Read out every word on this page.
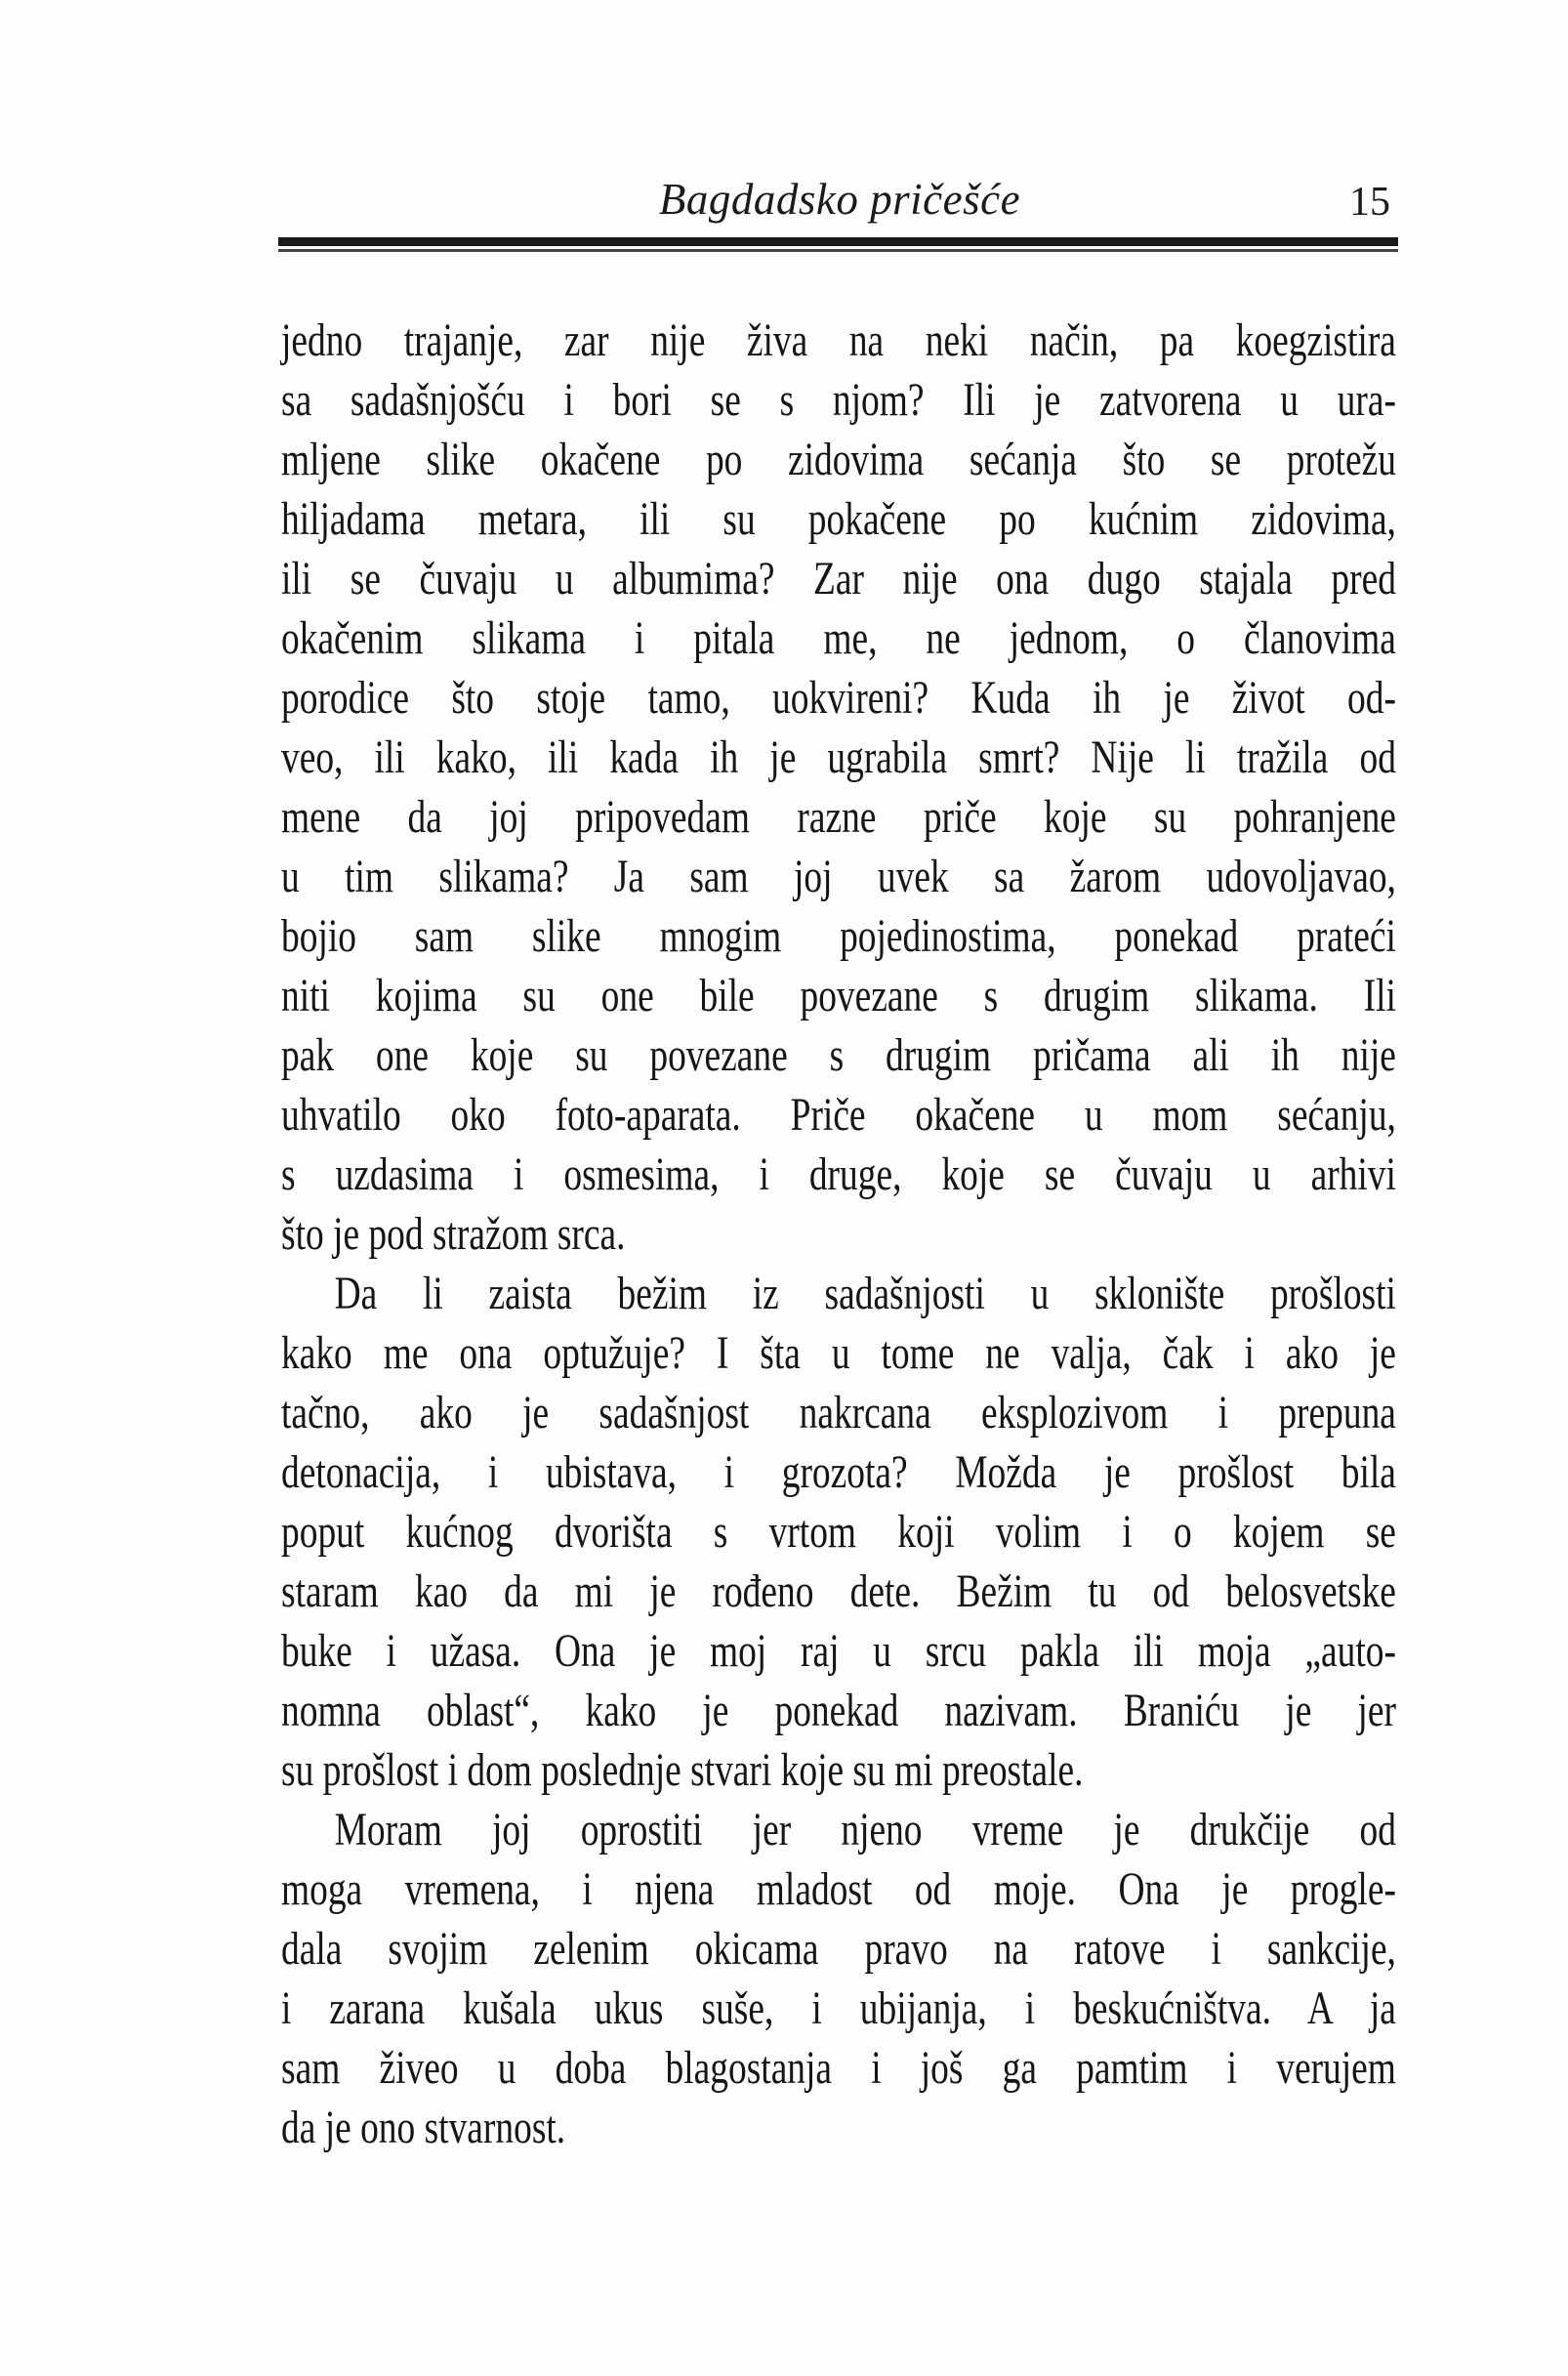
Bagdadsko pričešće	15
jedno trajanje, zar nije živa na neki način, pa koegzistira
sa sadašnjošću i bori se s njom? Ili je zatvorena u ura-
mljene slike okačene po zidovima sećanja što se protežu
hiljadama metara, ili su pokačene po kućnim zidovima,
ili se čuvaju u albumima? Zar nije ona dugo stajala pred
okačenim slikama i pitala me, ne jednom, o članovima
porodice što stoje tamo, uokvireni? Kuda ih je život od-
veo, ili kako, ili kada ih je ugrabila smrt? Nije li tražila od
mene da joj pripovedam razne priče koje su pohranjene
u tim slikama? Ja sam joj uvek sa žarom udovoljavao,
bojio sam slike mnogim pojedinostima, ponekad prateći
niti kojima su one bile povezane s drugim slikama. Ili
pak one koje su povezane s drugim pričama ali ih nije
uhvatilo oko foto-aparata. Priče okačene u mom sećanju,
s uzdasima i osmesima, i druge, koje se čuvaju u arhivi
što je pod stražom srca.
Da li zaista bežim iz sadašnjosti u sklonište prošlosti
kako me ona optužuje? I šta u tome ne valja, čak i ako je
tačno, ako je sadašnjost nakrcana eksplozivom i prepuna
detonacija, i ubistava, i grozota? Možda je prošlost bila
poput kućnog dvorišta s vrtom koji volim i o kojem se
staram kao da mi je rođeno dete. Bežim tu od belosvetske
buke i užasa. Ona je moj raj u srcu pakla ili moja „auto-
nomna oblast“, kako je ponekad nazivam. Braniću je jer
su prošlost i dom poslednje stvari koje su mi preostale.
Moram joj oprostiti jer njeno vreme je drukčije od
moga vremena, i njena mladost od moje. Ona je progle-
dala svojim zelenim okicama pravo na ratove i sankcije,
i zarana kušala ukus suše, i ubijanja, i beskućništva. A ja
sam živeo u doba blagostanja i još ga pamtim i verujem
da je ono stvarnost.
